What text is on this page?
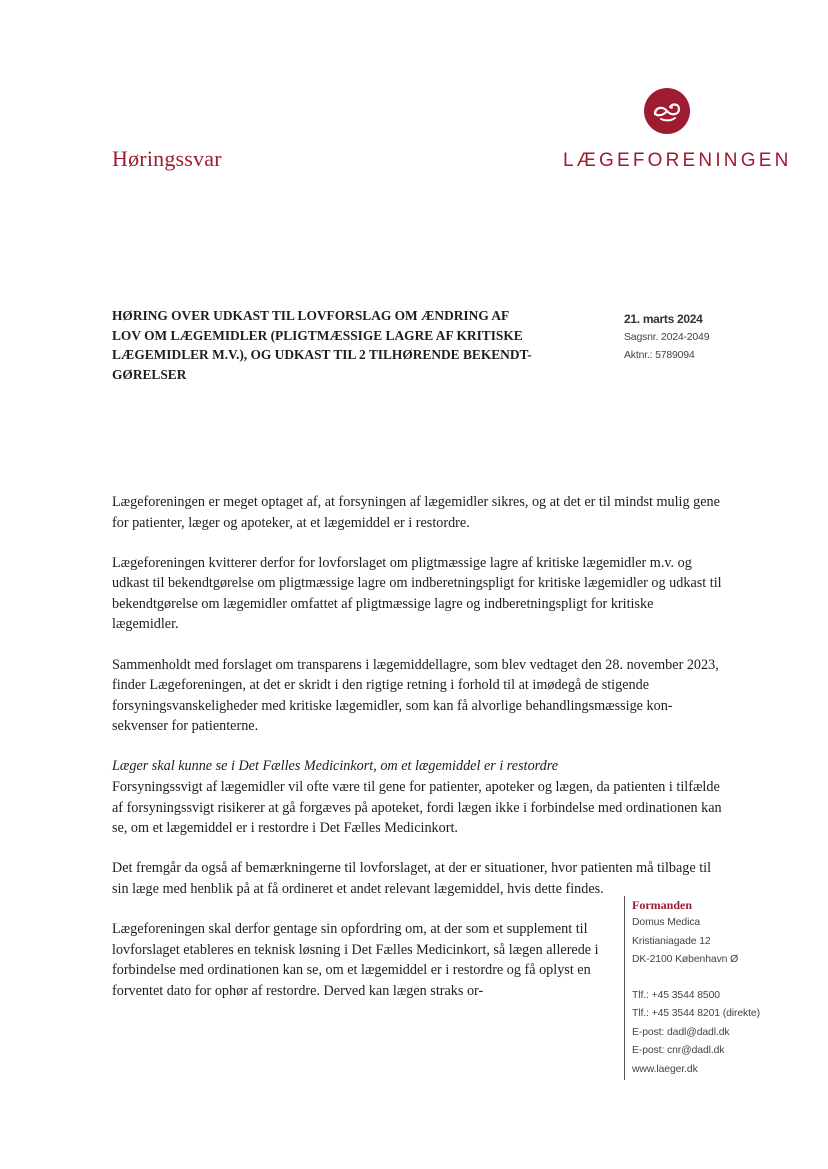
Høringssvar	LÆGEFORENINGEN
HØRING OVER UDKAST TIL LOVFORSLAG OM ÆNDRING AF
LOV OM LÆGEMIDLER (PLIGTMÆSSIGE LAGRE AF KRITISKE
LÆGEMIDLER M.V.), OG UDKAST TIL 2 TILHØRENDE BEKENDT-
GØRELSER
21. marts 2024
Sagsnr. 2024-2049
Aktnr.: 5789094

Lægeforeningen er meget optaget af, at forsyningen af lægemidler sikres, og at det er til mindst mulig gene for patienter, læger og apoteker, at et lægemiddel er i restordre.

Lægeforeningen kvitterer derfor for lovforslaget om pligtmæssige lagre af kritiske lægemidler m.v. og udkast til bekendtgørelse om pligtmæssige lagre om indberetningspligt for kritiske lægemidler og udkast til bekendtgørelse om lægemidler omfattet af pligtmæssige lagre og indberetningspligt for kritiske lægemidler.

Sammenholdt med forslaget om transparens i lægemiddellagre, som blev vedtaget den 28. november 2023, finder Lægeforeningen, at det er skridt i den rigtige retning i forhold til at imødegå de stigende forsyningsvanskeligheder med kritiske lægemidler, som kan få alvorlige behandlingsmæssige konsekvenser for patienterne.

Læger skal kunne se i Det Fælles Medicinkort, om et lægemiddel er i restordre

Forsyningssvigt af lægemidler vil ofte være til gene for patienter, apoteker og lægen, da patienten i tilfælde af forsyningssvigt risikerer at gå forgæves på apoteket, fordi lægen ikke i forbindelse med ordinationen kan se, om et lægemiddel er i restordre i Det Fælles Medicinkort.

Det fremgår da også af bemærkningerne til lovforslaget, at der er situationer, hvor patienten må tilbage til sin læge med henblik på at få ordineret et andet relevant lægemiddel, hvis dette findes.

Lægeforeningen skal derfor gentage sin opfordring om, at der som et supplement til lovforslaget etableres en teknisk løsning i Det Fælles Medicinkort, så lægen allerede i forbindelse med ordinationen kan se, om et lægemiddel er i restordre og få oplyst en forventet dato for ophør af restordre. Derved kan lægen straks or-

Formanden
Domus Medica
Kristianiagade 12
DK-2100 København Ø
Tlf.: +45 3544 8500
Tlf.: +45 3544 8201 (direkte)
E-post: dadl@dadl.dk
E-post: cnr@dadl.dk
www.laeger.dk
